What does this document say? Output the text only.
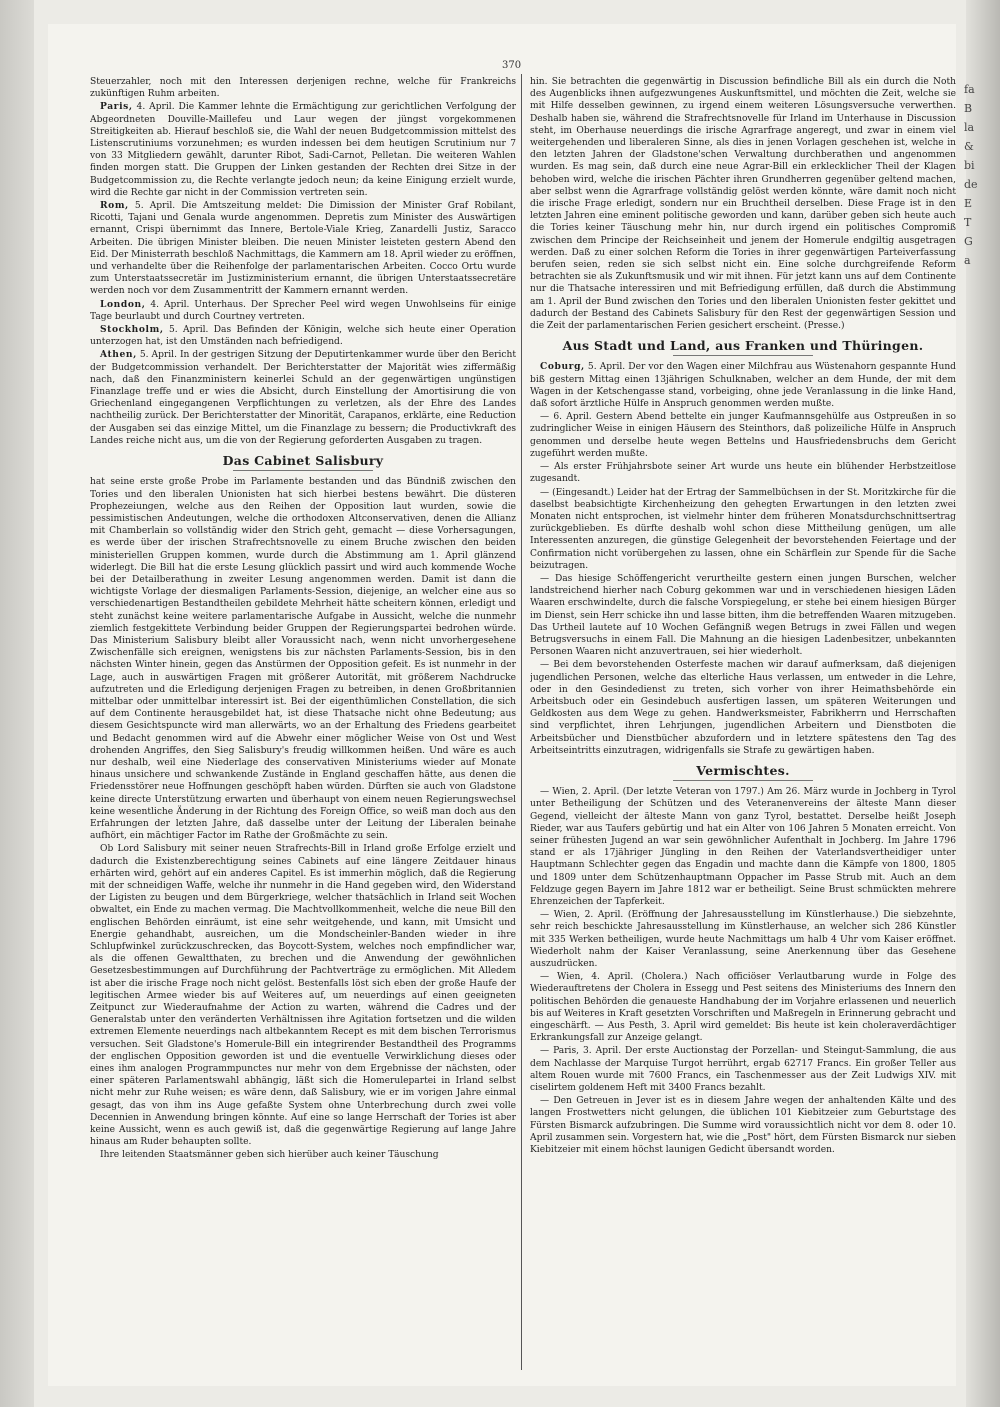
fa
B
la
&
bi
de
E
T
G
a
370

Steuerzahler, noch mit den Interessen derjenigen rechne, welche für Frankreichs zukünftigen Ruhm arbeiten.

Paris, 4. April. Die Kammer lehnte die Ermächtigung zur gerichtlichen Verfolgung der Abgeordneten Douville-Maillefeu und Laur wegen der jüngst vorgekommenen Streitigkeiten ab. Hierauf beschloß sie, die Wahl der neuen Budgetcommission mittelst des Listenscrutiniums vorzunehmen; es wurden indessen bei dem heutigen Scrutinium nur 7 von 33 Mitgliedern gewählt, darunter Ribot, Sadi-Carnot, Pelletan. Die weiteren Wahlen finden morgen statt. Die Gruppen der Linken gestanden der Rechten drei Sitze in der Budgetcommission zu, die Rechte verlangte jedoch neun; da keine Einigung erzielt wurde, wird die Rechte gar nicht in der Commission vertreten sein.

Rom, 5. April. Die Amtszeitung meldet: Die Dimission der Minister Graf Robilant, Ricotti, Tajani und Genala wurde angenommen. Depretis zum Minister des Auswärtigen ernannt, Crispi übernimmt das Innere, Bertole-Viale Krieg, Zanardelli Justiz, Saracco Arbeiten. Die übrigen Minister bleiben. Die neuen Minister leisteten gestern Abend den Eid. Der Ministerrath beschloß Nachmittags, die Kammern am 18. April wieder zu eröffnen, und verhandelte über die Reihenfolge der parlamentarischen Arbeiten. Cocco Ortu wurde zum Unterstaatssecretär im Justizministerium ernannt, die übrigen Unterstaatssecretäre werden noch vor dem Zusammentritt der Kammern ernannt werden.

London, 4. April. Unterhaus. Der Sprecher Peel wird wegen Unwohlseins für einige Tage beurlaubt und durch Courtney vertreten.

Stockholm, 5. April. Das Befinden der Königin, welche sich heute einer Operation unterzogen hat, ist den Umständen nach befriedigend.

Athen, 5. April. In der gestrigen Sitzung der Deputirtenkammer wurde über den Bericht der Budgetcommission verhandelt. Der Berichterstatter der Majorität wies ziffermäßig nach, daß den Finanzministern keinerlei Schuld an der gegenwärtigen ungünstigen Finanzlage treffe und er wies die Absicht, durch Einstellung der Amortisirung die von Griechenland eingegangenen Verpflichtungen zu verletzen, als der Ehre des Landes nachtheilig zurück. Der Berichterstatter der Minorität, Carapanos, erklärte, eine Reduction der Ausgaben sei das einzige Mittel, um die Finanzlage zu bessern; die Productivkraft des Landes reiche nicht aus, um die von der Regierung geforderten Ausgaben zu tragen.

Das Cabinet Salisbury

hat seine erste große Probe im Parlamente bestanden und das Bündniß zwischen den Tories und den liberalen Unionisten hat sich hierbei bestens bewährt. Die düsteren Prophezeiungen, welche aus den Reihen der Opposition laut wurden, sowie die pessimistischen Andeutungen, welche die orthodoxen Altconservativen, denen die Allianz mit Chamberlain so vollständig wider den Strich geht, gemacht — diese Vorhersagungen, es werde über der irischen Strafrechtsnovelle zu einem Bruche zwischen den beiden ministeriellen Gruppen kommen, wurde durch die Abstimmung am 1. April glänzend widerlegt. Die Bill hat die erste Lesung glücklich passirt und wird auch kommende Woche bei der Detailberathung in zweiter Lesung angenommen werden. Damit ist dann die wichtigste Vorlage der diesmaligen Parlaments-Session, diejenige, an welcher eine aus so verschiedenartigen Bestandtheilen gebildete Mehrheit hätte scheitern können, erledigt und steht zunächst keine weitere parlamentarische Aufgabe in Aussicht, welche die nunmehr ziemlich festgekittete Verbindung beider Gruppen der Regierungspartei bedrohen würde. Das Ministerium Salisbury bleibt aller Voraussicht nach, wenn nicht unvorhergesehene Zwischenfälle sich ereignen, wenigstens bis zur nächsten Parlaments-Session, bis in den nächsten Winter hinein, gegen das Anstürmen der Opposition gefeit. Es ist nunmehr in der Lage, auch in auswärtigen Fragen mit größerer Autorität, mit größerem Nachdrucke aufzutreten und die Erledigung derjenigen Fragen zu betreiben, in denen Großbritannien mittelbar oder unmittelbar interessirt ist. Bei der eigenthümlichen Constellation, die sich auf dem Continente herausgebildet hat, ist diese Thatsache nicht ohne Bedeutung; aus diesem Gesichtspuncte wird man allerwärts, wo an der Erhaltung des Friedens gearbeitet und Bedacht genommen wird auf die Abwehr einer möglicher Weise von Ost und West drohenden Angriffes, den Sieg Salisbury's freudig willkommen heißen. Und wäre es auch nur deshalb, weil eine Niederlage des conservativen Ministeriums wieder auf Monate hinaus unsichere und schwankende Zustände in England geschaffen hätte, aus denen die Friedensstörer neue Hoffnungen geschöpft haben würden. Dürften sie auch von Gladstone keine directe Unterstützung erwarten und überhaupt von einem neuen Regierungswechsel keine wesentliche Änderung in der Richtung des Foreign Office, so weiß man doch aus den Erfahrungen der letzten Jahre, daß dasselbe unter der Leitung der Liberalen beinahe aufhört, ein mächtiger Factor im Rathe der Großmächte zu sein.

Ob Lord Salisbury mit seiner neuen Strafrechts-Bill in Irland große Erfolge erzielt und dadurch die Existenzberechtigung seines Cabinets auf eine längere Zeitdauer hinaus erhärten wird, gehört auf ein anderes Capitel. Es ist immerhin möglich, daß die Regierung mit der schneidigen Waffe, welche ihr nunmehr in die Hand gegeben wird, den Widerstand der Ligisten zu beugen und dem Bürgerkriege, welcher thatsächlich in Irland seit Wochen obwaltet, ein Ende zu machen vermag. Die Machtvollkommenheit, welche die neue Bill den englischen Behörden einräumt, ist eine sehr weitgehende, und kann, mit Umsicht und Energie gehandhabt, ausreichen, um die Mondscheinler-Banden wieder in ihre Schlupfwinkel zurückzuschrecken, das Boycott-System, welches noch empfindlicher war, als die offenen Gewaltthaten, zu brechen und die Anwendung der gewöhnlichen Gesetzesbestimmungen auf Durchführung der Pachtverträge zu ermöglichen. Mit Alledem ist aber die irische Frage noch nicht gelöst. Bestenfalls löst sich eben der große Haufe der legitischen Armee wieder bis auf Weiteres auf, um neuerdings auf einen geeigneten Zeitpunct zur Wiederaufnahme der Action zu warten, während die Cadres und der Generalstab unter den veränderten Verhältnissen ihre Agitation fortsetzen und die wilden extremen Elemente neuerdings nach altbekanntem Recept es mit dem bischen Terrorismus versuchen. Seit Gladstone's Homerule-Bill ein integrirender Bestandtheil des Programms der englischen Opposition geworden ist und die eventuelle Verwirklichung dieses oder eines ihm analogen Programmpunctes nur mehr von dem Ergebnisse der nächsten, oder einer späteren Parlamentswahl abhängig, läßt sich die Homerulepartei in Irland selbst nicht mehr zur Ruhe weisen; es wäre denn, daß Salisbury, wie er im vorigen Jahre einmal gesagt, das von ihm ins Auge gefaßte System ohne Unterbrechung durch zwei volle Decennien in Anwendung bringen könnte. Auf eine so lange Herrschaft der Tories ist aber keine Aussicht, wenn es auch gewiß ist, daß die gegenwärtige Regierung auf lange Jahre hinaus am Ruder behaupten sollte.

Ihre leitenden Staatsmänner geben sich hierüber auch keiner Täuschung

hin. Sie betrachten die gegenwärtig in Discussion befindliche Bill als ein durch die Noth des Augenblicks ihnen aufgezwungenes Auskunftsmittel, und möchten die Zeit, welche sie mit Hilfe desselben gewinnen, zu irgend einem weiteren Lösungsversuche verwerthen. Deshalb haben sie, während die Strafrechtsnovelle für Irland im Unterhause in Discussion steht, im Oberhause neuerdings die irische Agrarfrage angeregt, und zwar in einem viel weitergehenden und liberaleren Sinne, als dies in jenen Vorlagen geschehen ist, welche in den letzten Jahren der Gladstone'schen Verwaltung durchberathen und angenommen wurden. Es mag sein, daß durch eine neue Agrar-Bill ein erklecklicher Theil der Klagen behoben wird, welche die irischen Pächter ihren Grundherren gegenüber geltend machen, aber selbst wenn die Agrarfrage vollständig gelöst werden könnte, wäre damit noch nicht die irische Frage erledigt, sondern nur ein Bruchtheil derselben. Diese Frage ist in den letzten Jahren eine eminent politische geworden und kann, darüber geben sich heute auch die Tories keiner Täuschung mehr hin, nur durch irgend ein politisches Compromiß zwischen dem Principe der Reichseinheit und jenem der Homerule endgiltig ausgetragen werden. Daß zu einer solchen Reform die Tories in ihrer gegenwärtigen Parteiverfassung berufen seien, reden sie sich selbst nicht ein. Eine solche durchgreifende Reform betrachten sie als Zukunftsmusik und wir mit ihnen. Für jetzt kann uns auf dem Continente nur die Thatsache interessiren und mit Befriedigung erfüllen, daß durch die Abstimmung am 1. April der Bund zwischen den Tories und den liberalen Unionisten fester gekittet und dadurch der Bestand des Cabinets Salisbury für den Rest der gegenwärtigen Session und die Zeit der parlamentarischen Ferien gesichert erscheint. (Presse.)

Aus Stadt und Land, aus Franken und Thüringen.

Coburg, 5. April. Der vor den Wagen einer Milchfrau aus Wüstenahorn gespannte Hund biß gestern Mittag einen 13jährigen Schulknaben, welcher an dem Hunde, der mit dem Wagen in der Ketschengasse stand, vorbeiging, ohne jede Veranlassung in die linke Hand, daß sofort ärztliche Hülfe in Anspruch genommen werden mußte.

— 6. April. Gestern Abend bettelte ein junger Kaufmannsgehülfe aus Ostpreußen in so zudringlicher Weise in einigen Häusern des Steinthors, daß polizeiliche Hülfe in Anspruch genommen und derselbe heute wegen Bettelns und Hausfriedensbruchs dem Gericht zugeführt werden mußte.

— Als erster Frühjahrsbote seiner Art wurde uns heute ein blühender Herbstzeitlose zugesandt.

— (Eingesandt.) Leider hat der Ertrag der Sammelbüchsen in der St. Moritzkirche für die daselbst beabsichtigte Kirchenheizung den gehegten Erwartungen in den letzten zwei Monaten nicht entsprochen, ist vielmehr hinter dem früheren Monatsdurchschnittsertrag zurückgeblieben. Es dürfte deshalb wohl schon diese Mittheilung genügen, um alle Interessenten anzuregen, die günstige Gelegenheit der bevorstehenden Feiertage und der Confirmation nicht vorübergehen zu lassen, ohne ein Schärflein zur Spende für die Sache beizutragen.

— Das hiesige Schöffengericht verurtheilte gestern einen jungen Burschen, welcher landstreichend hierher nach Coburg gekommen war und in verschiedenen hiesigen Läden Waaren erschwindelte, durch die falsche Vorspiegelung, er stehe bei einem hiesigen Bürger im Dienst, sein Herr schicke ihn und lasse bitten, ihm die betreffenden Waaren mitzugeben. Das Urtheil lautete auf 10 Wochen Gefängniß wegen Betrugs in zwei Fällen und wegen Betrugsversuchs in einem Fall. Die Mahnung an die hiesigen Ladenbesitzer, unbekannten Personen Waaren nicht anzuvertrauen, sei hier wiederholt.

— Bei dem bevorstehenden Osterfeste machen wir darauf aufmerksam, daß diejenigen jugendlichen Personen, welche das elterliche Haus verlassen, um entweder in die Lehre, oder in den Gesindedienst zu treten, sich vorher von ihrer Heimathsbehörde ein Arbeitsbuch oder ein Gesindebuch ausfertigen lassen, um späteren Weiterungen und Geldkosten aus dem Wege zu gehen. Handwerksmeister, Fabrikherrn und Herrschaften sind verpflichtet, ihren Lehrjungen, jugendlichen Arbeitern und Dienstboten die Arbeitsbücher und Dienstbücher abzufordern und in letztere spätestens den Tag des Arbeitseintritts einzutragen, widrigenfalls sie Strafe zu gewärtigen haben.

Vermischtes.

— Wien, 2. April. (Der letzte Veteran von 1797.) Am 26. März wurde in Jochberg in Tyrol unter Betheiligung der Schützen und des Veteranenvereins der älteste Mann dieser Gegend, vielleicht der älteste Mann von ganz Tyrol, bestattet. Derselbe heißt Joseph Rieder, war aus Taufers gebürtig und hat ein Alter von 106 Jahren 5 Monaten erreicht. Von seiner frühesten Jugend an war sein gewöhnlicher Aufenthalt in Jochberg. Im Jahre 1796 stand er als 17jähriger Jüngling in den Reihen der Vaterlandsvertheidiger unter Hauptmann Schlechter gegen das Engadin und machte dann die Kämpfe von 1800, 1805 und 1809 unter dem Schützenhauptmann Oppacher im Passe Strub mit. Auch an dem Feldzuge gegen Bayern im Jahre 1812 war er betheiligt. Seine Brust schmückten mehrere Ehrenzeichen der Tapferkeit.

— Wien, 2. April. (Eröffnung der Jahresausstellung im Künstlerhause.) Die siebzehnte, sehr reich beschickte Jahresausstellung im Künstlerhause, an welcher sich 286 Künstler mit 335 Werken betheiligen, wurde heute Nachmittags um halb 4 Uhr vom Kaiser eröffnet. Wiederholt nahm der Kaiser Veranlassung, seine Anerkennung über das Gesehene auszudrücken.

— Wien, 4. April. (Cholera.) Nach officiöser Verlautbarung wurde in Folge des Wiederauftretens der Cholera in Essegg und Pest seitens des Ministeriums des Innern den politischen Behörden die genaueste Handhabung der im Vorjahre erlassenen und neuerlich bis auf Weiteres in Kraft gesetzten Vorschriften und Maßregeln in Erinnerung gebracht und eingeschärft. — Aus Pesth, 3. April wird gemeldet: Bis heute ist kein choleraverdächtiger Erkrankungsfall zur Anzeige gelangt.

— Paris, 3. April. Der erste Auctionstag der Porzellan- und Steingut-Sammlung, die aus dem Nachlasse der Marquise Turgot herrührt, ergab 62717 Francs. Ein großer Teller aus altem Rouen wurde mit 7600 Francs, ein Taschenmesser aus der Zeit Ludwigs XIV. mit ciselirtem goldenem Heft mit 3400 Francs bezahlt.

— Den Getreuen in Jever ist es in diesem Jahre wegen der anhaltenden Kälte und des langen Frostwetters nicht gelungen, die üblichen 101 Kiebitzeier zum Geburtstage des Fürsten Bismarck aufzubringen. Die Summe wird voraussichtlich nicht vor dem 8. oder 10. April zusammen sein. Vorgestern hat, wie die „Post" hört, dem Fürsten Bismarck nur sieben Kiebitzeier mit einem höchst launigen Gedicht übersandt worden.
